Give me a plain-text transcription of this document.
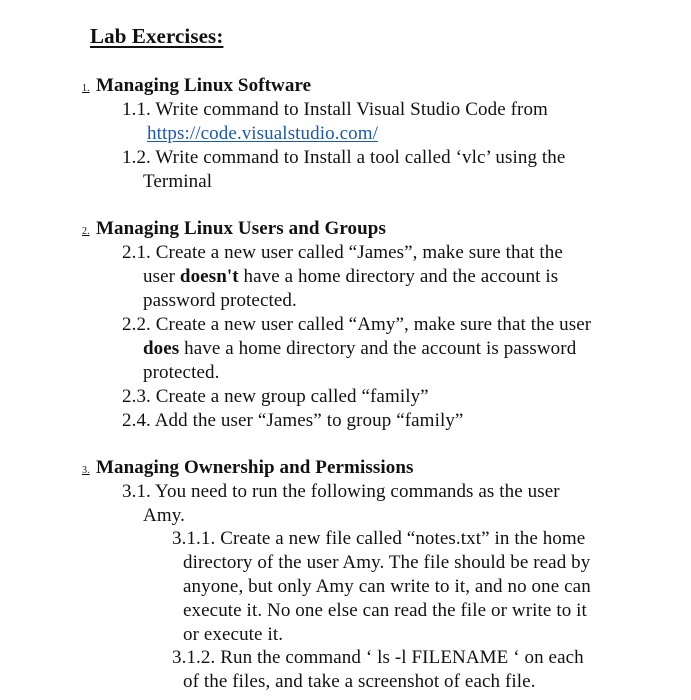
Lab Exercises:
1. Managing Linux Software
1.1. Write command to Install Visual Studio Code from
https://code.visualstudio.com/
1.2. Write command to Install a tool called ‘vlc’ using the
Terminal
2. Managing Linux Users and Groups
2.1. Create a new user called “James”, make sure that the
user doesn't have a home directory and the account is
password protected.
2.2. Create a new user called “Amy”, make sure that the user
does have a home directory and the account is password
protected.
2.3. Create a new group called “family”
2.4. Add the user “James” to group “family”
3. Managing Ownership and Permissions
3.1. You need to run the following commands as the user
Amy.
3.1.1. Create a new file called “notes.txt” in the home
directory of the user Amy. The file should be read by
anyone, but only Amy can write to it, and no one can
execute it. No one else can read the file or write to it
or execute it.
3.1.2. Run the command ‘ ls -l FILENAME ‘ on each
of the files, and take a screenshot of each file.
